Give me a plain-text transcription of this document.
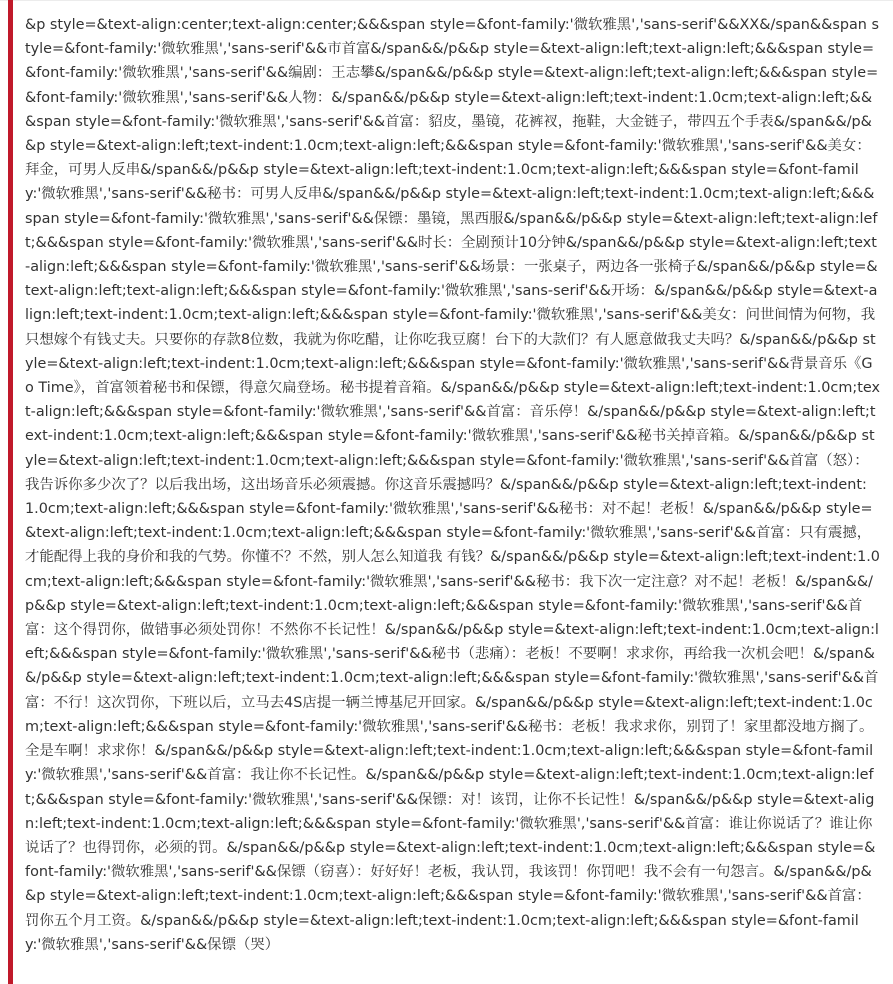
&p style=&text-align:center;text-align:center;&&&span style=&font-family:'微软雅黑','sans-serif'&&XX&/span&&span style=&font-family:'微软雅黑','sans-serif'&&市首富&/span&&/p&&p style=&text-align:left;text-align:left;&&&span style=&font-family:'微软雅黑','sans-serif'&&编剧：王志攀&/span&&/p&&p style=&text-align:left;text-align:left;&&&span style=&font-family:'微软雅黑','sans-serif'&&人物：&/span&&/p&&p style=&text-align:left;text-indent:1.0cm;text-align:left;&&&span style=&font-family:'微软雅黑','sans-serif'&&首富：貂皮，墨镜，花裤衩，拖鞋，大金链子，带四五个手表&/span&&/p&&p style=&text-align:left;text-indent:1.0cm;text-align:left;&&&span style=&font-family:'微软雅黑','sans-serif'&&美女：拜金，可男人反串&/span&&/p&&p style=&text-align:left;text-indent:1.0cm;text-align:left;&&&span style=&font-family:'微软雅黑','sans-serif'&&秘书：可男人反串&/span&&/p&&p style=&text-align:left;text-indent:1.0cm;text-align:left;&&&span style=&font-family:'微软雅黑','sans-serif'&&保镖：墨镜，黑西服&/span&&/p&&p style=&text-align:left;text-align:left;&&&span style=&font-family:'微软雅黑','sans-serif'&&时长：全剧预计10分钟&/span&&/p&&p style=&text-align:left;text-align:left;&&&span style=&font-family:'微软雅黑','sans-serif'&&场景：一张桌子，两边各一张椅子&/span&&/p&&p style=&text-align:left;text-align:left;&&&span style=&font-family:'微软雅黑','sans-serif'&&开场：&/span&&/p&&p style=&text-align:left;text-indent:1.0cm;text-align:left;&&&span style=&font-family:'微软雅黑','sans-serif'&&美女：问世间情为何物，我只想嫁个有钱丈夫。只要你的存款8位数，我就为你吃醋，让你吃我豆腐！台下的大款们？有人愿意做我丈夫吗？&/span&&/p&&p style=&text-align:left;text-indent:1.0cm;text-align:left;&&&span style=&font-family:'微软雅黑','sans-serif'&&背景音乐《Go Time》，首富领着秘书和保镖，得意欠扁登场。秘书提着音箱。&/span&&/p&&p style=&text-align:left;text-indent:1.0cm;text-align:left;&&&span style=&font-family:'微软雅黑','sans-serif'&&首富：音乐停！&/span&&/p&&p style=&text-align:left;text-indent:1.0cm;text-align:left;&&&span style=&font-family:'微软雅黑','sans-serif'&&秘书关掉音箱。&/span&&/p&&p style=&text-align:left;text-indent:1.0cm;text-align:left;&&&span style=&font-family:'微软雅黑','sans-serif'&&首富（怒）：我告诉你多少次了？以后我出场，这出场音乐必须震撼。你这音乐震撼吗？&/span&&/p&&p style=&text-align:left;text-indent:1.0cm;text-align:left;&&&span style=&font-family:'微软雅黑','sans-serif'&&秘书：对不起！老板！&/span&&/p&&p style=&text-align:left;text-indent:1.0cm;text-align:left;&&&span style=&font-family:'微软雅黑','sans-serif'&&首富：只有震撼，才能配得上我的身价和我的气势。你懂不？不然，别人怎么知道我 有钱？&/span&&/p&&p style=&text-align:left;text-indent:1.0cm;text-align:left;&&&span style=&font-family:'微软雅黑','sans-serif'&&秘书：我下次一定注意？对不起！老板！&/span&&/p&&p style=&text-align:left;text-indent:1.0cm;text-align:left;&&&span style=&font-family:'微软雅黑','sans-serif'&&首富：这个得罚你，做错事必须处罚你！不然你不长记性！&/span&&/p&&p style=&text-align:left;text-indent:1.0cm;text-align:left;&&&span style=&font-family:'微软雅黑','sans-serif'&&秘书（悲痛）：老板！不要啊！求求你，再给我一次机会吧！&/span&&/p&&p style=&text-align:left;text-indent:1.0cm;text-align:left;&&&span style=&font-family:'微软雅黑','sans-serif'&&首富：不行！这次罚你，下班以后，立马去4S店提一辆兰博基尼开回家。&/span&&/p&&p style=&text-align:left;text-indent:1.0cm;text-align:left;&&&span style=&font-family:'微软雅黑','sans-serif'&&秘书：老板！我求求你，别罚了！家里都没地方搁了。全是车啊！求求你！&/span&&/p&&p style=&text-align:left;text-indent:1.0cm;text-align:left;&&&span style=&font-family:'微软雅黑','sans-serif'&&首富：我让你不长记性。&/span&&/p&&p style=&text-align:left;text-indent:1.0cm;text-align:left;&&&span style=&font-family:'微软雅黑','sans-serif'&&保镖：对！该罚，让你不长记性！&/span&&/p&&p style=&text-align:left;text-indent:1.0cm;text-align:left;&&&span style=&font-family:'微软雅黑','sans-serif'&&首富：谁让你说话了？谁让你说话了？也得罚你，必须的罚。&/span&&/p&&p style=&text-align:left;text-indent:1.0cm;text-align:left;&&&span style=&font-family:'微软雅黑','sans-serif'&&保镖（窃喜）：好好好！老板，我认罚，我该罚！你罚吧！我不会有一句怨言。&/span&&/p&&p style=&text-align:left;text-indent:1.0cm;text-align:left;&&&span style=&font-family:'微软雅黑','sans-serif'&&首富：罚你五个月工资。&/span&&/p&&p style=&text-align:left;text-indent:1.0cm;text-align:left;&&&span style=&font-family:'微软雅黑','sans-serif'&&保镖（哭）
